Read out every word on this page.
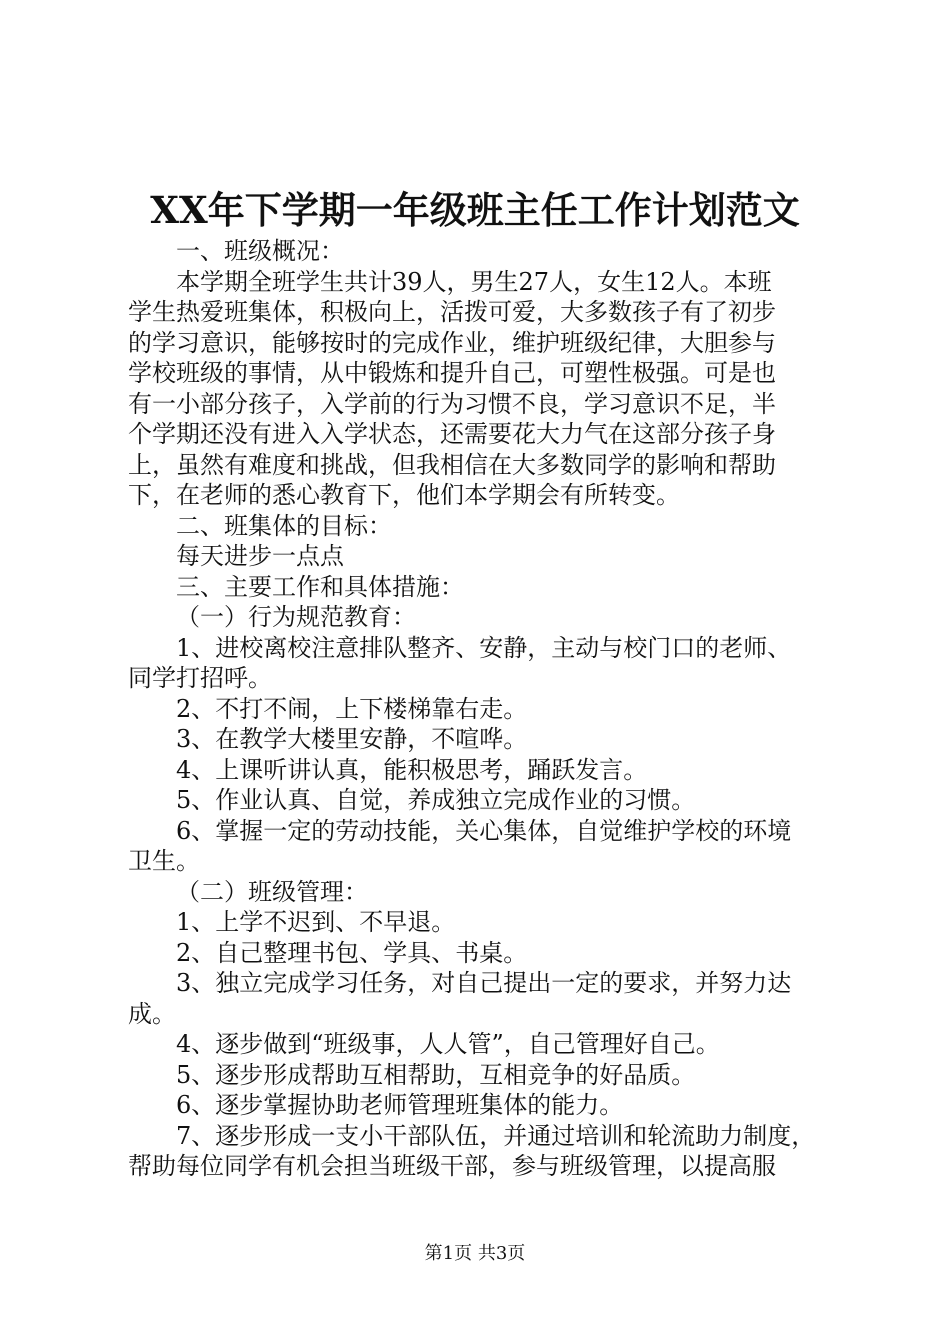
XX年下学期一年级班主任工作计划范文
一、班级概况：
本学期全班学生共计39人，男生27人，女生12人。本班
学生热爱班集体，积极向上，活拨可爱，大多数孩子有了初步
的学习意识，能够按时的完成作业，维护班级纪律，大胆参与
学校班级的事情，从中锻炼和提升自己，可塑性极强。可是也
有一小部分孩子，入学前的行为习惯不良，学习意识不足，半
个学期还没有进入入学状态，还需要花大力气在这部分孩子身
上，虽然有难度和挑战，但我相信在大多数同学的影响和帮助
下，在老师的悉心教育下，他们本学期会有所转变。
二、班集体的目标：
每天进步一点点
三、主要工作和具体措施：
（一）行为规范教育：
1、进校离校注意排队整齐、安静，主动与校门口的老师、
同学打招呼。
2、不打不闹，上下楼梯靠右走。
3、在教学大楼里安静，不喧哗。
4、上课听讲认真，能积极思考，踊跃发言。
5、作业认真、自觉，养成独立完成作业的习惯。
6、掌握一定的劳动技能，关心集体，自觉维护学校的环境
卫生。
（二）班级管理：
1、上学不迟到、不早退。
2、自己整理书包、学具、书桌。
3、独立完成学习任务，对自己提出一定的要求，并努力达
成。
4、逐步做到“班级事，人人管”，自己管理好自己。
5、逐步形成帮助互相帮助，互相竞争的好品质。
6、逐步掌握协助老师管理班集体的能力。
7、逐步形成一支小干部队伍，并通过培训和轮流助力制度，
帮助每位同学有机会担当班级干部，参与班级管理，以提高服
第1页 共3页
